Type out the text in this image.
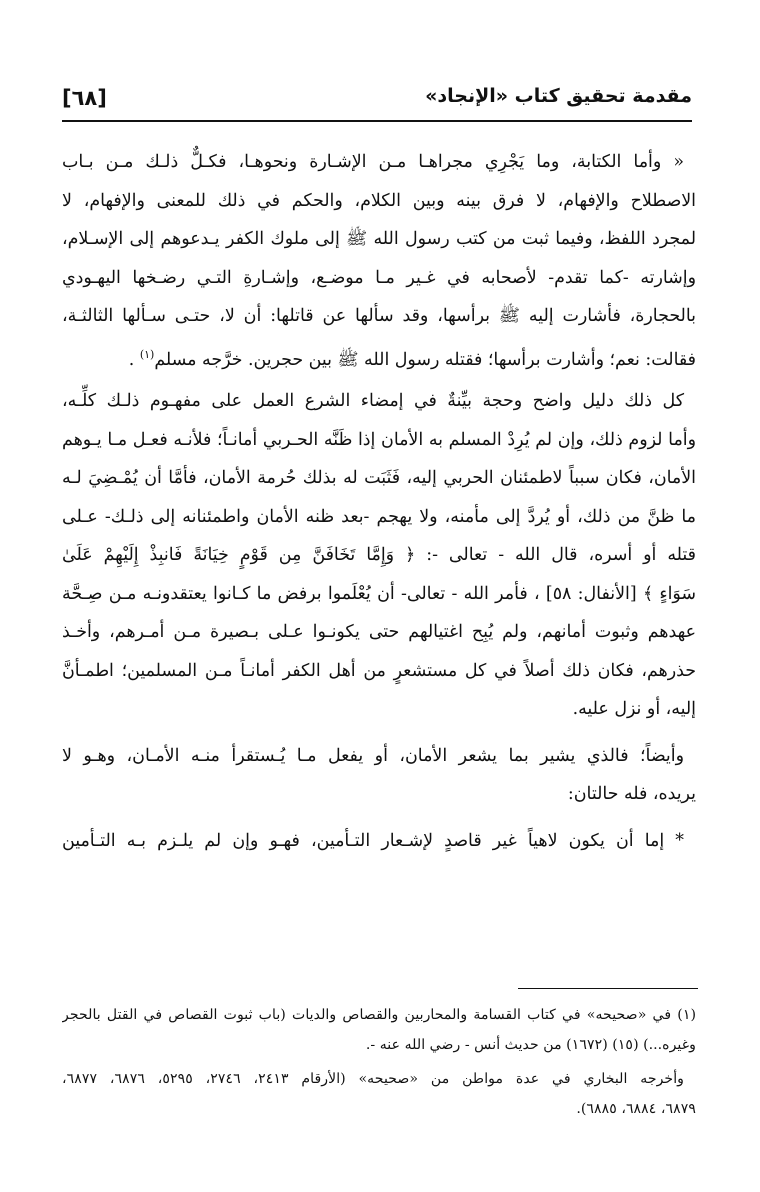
[٦٨]	مقدمة تحقيق كتاب «الإنجاد»
« وأما الكتابة، وما يَجْرِي مجراهـا مـن الإشـارة ونحوهـا، فكـلٌّ ذلـك مـن بـاب
الاصطلاح والإفهام، لا فرق بينه وبين الكلام، والحكم في ذلك للمعنى والإفهام، لا
لمجرد اللفظ، وفيما ثبت من كتب رسول الله ﷺ إلى ملوك الكفر يـدعوهم إلى الإسـلام،
وإشارته -كما تقدم- لأصحابه في غـير مـا موضـع، وإشـارةِ التـي رضـخها اليهـودي
بالحجارة، فأشارت إليه ﷺ برأسها، وقد سألها عن قاتلها: أن لا، حتـى سـألها الثالثـة،
فقالت: نعم؛ وأشارت برأسها؛ فقتله رسول الله ﷺ بين حجرين. خرَّجه مسلم$^{(١)}$ .
كل ذلك دليل واضح وحجة بيِّنةٌ في إمضاء الشرع العمل على مفهـوم ذلـك كلِّـه،
وأما لزوم ذلك، وإن لم يُرِدْ المسلم به الأمان إذا ظَنَّه الحـربي أمانـاً؛ فلأنـه فعـل مـا يـوهم
الأمان، فكان سبباً لاطمئنان الحربي إليه، فَثَبَت له بذلك حُرمة الأمان، فأمَّا أن يُمْـضِيَ لـه
ما ظنَّ من ذلك، أو يُردَّ إلى مأمنه، ولا يهجم -بعد ظنه الأمان واطمئنانه إلى ذلـك- عـلى
قتله أو أسره، قال الله - تعالى -: ﴿ وَإِمَّا تَخَافَنَّ مِن قَوْمٍ خِيَانَةً فَانبِذْ إِلَيْهِمْ عَلَىٰ
سَوَاءٍ ﴾ [الأنفال: ٥٨] ، فأمر الله - تعالى- أن يُعْلَموا برفض ما كـانوا يعتقدونـه مـن صِـحَّة
عهدهم وثبوت أمانهم، ولم يُبِح اغتيالهم حتى يكونـوا عـلى بـصيرة مـن أمـرهم، وأخـذ
حذرهم، فكان ذلك أصلاً في كل مستشعرٍ من أهل الكفر أمانـاً مـن المسلمين؛ اطمـأنَّ
إليه، أو نزل عليه.
وأيضاً؛ فالذي يشير بما يشعر الأمان، أو يفعل مـا يُـستقرأ منـه الأمـان، وهـو لا
يريده، فله حالتان:
* إما أن يكون لاهياً غير قاصدٍ لإشـعار التـأمين، فهـو وإن لم يلـزم بـه التـأمين
(١) في «صحيحه» في كتاب القسامة والمحاربين والقصاص والديات (باب ثبوت القصاص في القتل بالحجر
وغيره...) (١٥) (١٦٧٢) من حديث أنس - رضي الله عنه -.
وأخرجه البخاري في عدة مواطن من «صحيحه» (الأرقام ٢٤١٣، ٢٧٤٦، ٥٢٩٥، ٦٨٧٦، ٦٨٧٧،
٦٨٧٩، ٦٨٨٤، ٦٨٨٥).
